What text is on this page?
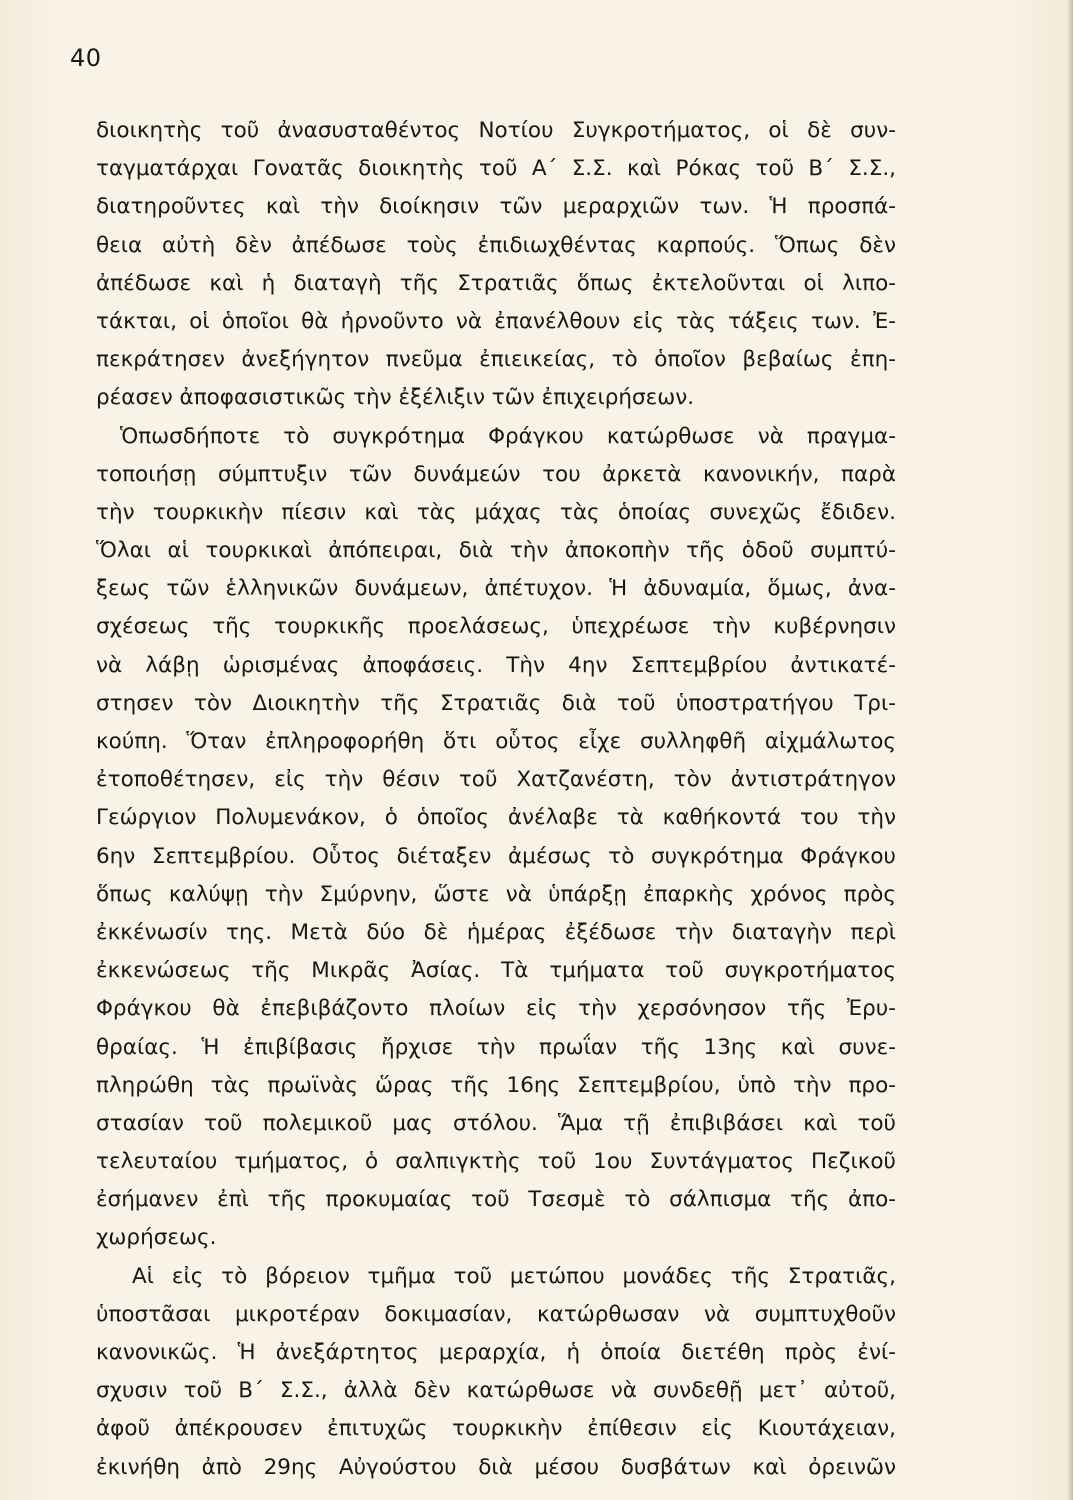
40
διοικητὴς τοῦ ἀνασυσταθέντος Νοτίου Συγκροτήματος, οἱ δὲ συν-
ταγματάρχαι Γονατᾶς διοικητὴς τοῦ Α΄ Σ.Σ. καὶ Ρόκας τοῦ Β΄ Σ.Σ.,
διατηροῦντες καὶ τὴν διοίκησιν τῶν μεραρχιῶν των. Ἡ προσπά-
θεια αὐτὴ δὲν ἀπέδωσε τοὺς ἐπιδιωχθέντας καρπούς. Ὅπως δὲν
ἀπέδωσε καὶ ἡ διαταγὴ τῆς Στρατιᾶς ὅπως ἐκτελοῦνται οἱ λιπο-
τάκται, οἱ ὁποῖοι θὰ ἠρνοῦντο νὰ ἐπανέλθουν εἰς τὰς τάξεις των. Ἐ-
πεκράτησεν ἀνεξήγητον πνεῦμα ἐπιεικείας, τὸ ὁποῖον βεβαίως ἐπη-
ρέασεν ἀποφασιστικῶς τὴν ἐξέλιξιν τῶν ἐπιχειρήσεων.
Ὁπωσδήποτε τὸ συγκρότημα Φράγκου κατώρθωσε νὰ πραγμα-
τοποιήσῃ σύμπτυξιν τῶν δυνάμεών του ἀρκετὰ κανονικήν, παρὰ
τὴν τουρκικὴν πίεσιν καὶ τὰς μάχας τὰς ὁποίας συνεχῶς ἔδιδεν.
Ὅλαι αἱ τουρκικαὶ ἀπόπειραι, διὰ τὴν ἀποκοπὴν τῆς ὁδοῦ συμπτύ-
ξεως τῶν ἑλληνικῶν δυνάμεων, ἀπέτυχον. Ἡ ἀδυναμία, ὅμως, ἀνα-
σχέσεως τῆς τουρκικῆς προελάσεως, ὑπεχρέωσε τὴν κυβέρνησιν
νὰ λάβῃ ὡρισμένας ἀποφάσεις. Τὴν 4ην Σεπτεμβρίου ἀντικατέ-
στησεν τὸν Διοικητὴν τῆς Στρατιᾶς διὰ τοῦ ὑποστρατήγου Τρι-
κούπη. Ὅταν ἐπληροφορήθη ὅτι οὗτος εἶχε συλληφθῆ αἰχμάλωτος
ἐτοποθέτησεν, εἰς τὴν θέσιν τοῦ Χατζανέστη, τὸν ἀντιστράτηγον
Γεώργιον Πολυμενάκον, ὁ ὁποῖος ἀνέλαβε τὰ καθήκοντά του τὴν
6ην Σεπτεμβρίου. Οὗτος διέταξεν ἀμέσως τὸ συγκρότημα Φράγκου
ὅπως καλύψῃ τὴν Σμύρνην, ὥστε νὰ ὑπάρξῃ ἐπαρκὴς χρόνος πρὸς
ἐκκένωσίν της. Μετὰ δύο δὲ ἡμέρας ἐξέδωσε τὴν διαταγὴν περὶ
ἐκκενώσεως τῆς Μικρᾶς Ἀσίας. Τὰ τμήματα τοῦ συγκροτήματος
Φράγκου θὰ ἐπεβιβάζοντο πλοίων εἰς τὴν χερσόνησον τῆς Ἐρυ-
θραίας. Ἡ ἐπιβίβασις ἤρχισε τὴν πρωΐαν τῆς 13ης καὶ συνε-
πληρώθη τὰς πρωϊνὰς ὥρας τῆς 16ης Σεπτεμβρίου, ὑπὸ τὴν προ-
στασίαν τοῦ πολεμικοῦ μας στόλου. Ἅμα τῇ ἐπιβιβάσει καὶ τοῦ
τελευταίου τμήματος, ὁ σαλπιγκτὴς τοῦ 1ου Συντάγματος Πεζικοῦ
ἐσήμανεν ἐπὶ τῆς προκυμαίας τοῦ Τσεσμὲ τὸ σάλπισμα τῆς ἀπο-
χωρήσεως.
Αἱ εἰς τὸ βόρειον τμῆμα τοῦ μετώπου μονάδες τῆς Στρατιᾶς,
ὑποστᾶσαι μικροτέραν δοκιμασίαν, κατώρθωσαν νὰ συμπτυχθοῦν
κανονικῶς. Ἡ ἀνεξάρτητος μεραρχία, ἡ ὁποία διετέθη πρὸς ἐνί-
σχυσιν τοῦ Β΄ Σ.Σ., ἀλλὰ δὲν κατώρθωσε νὰ συνδεθῇ μετ᾽ αὐτοῦ,
ἀφοῦ ἀπέκρουσεν ἐπιτυχῶς τουρκικὴν ἐπίθεσιν εἰς Κιουτάχειαν,
ἐκινήθη ἀπὸ 29ης Αὐγούστου διὰ μέσου δυσβάτων καὶ ὀρεινῶν
